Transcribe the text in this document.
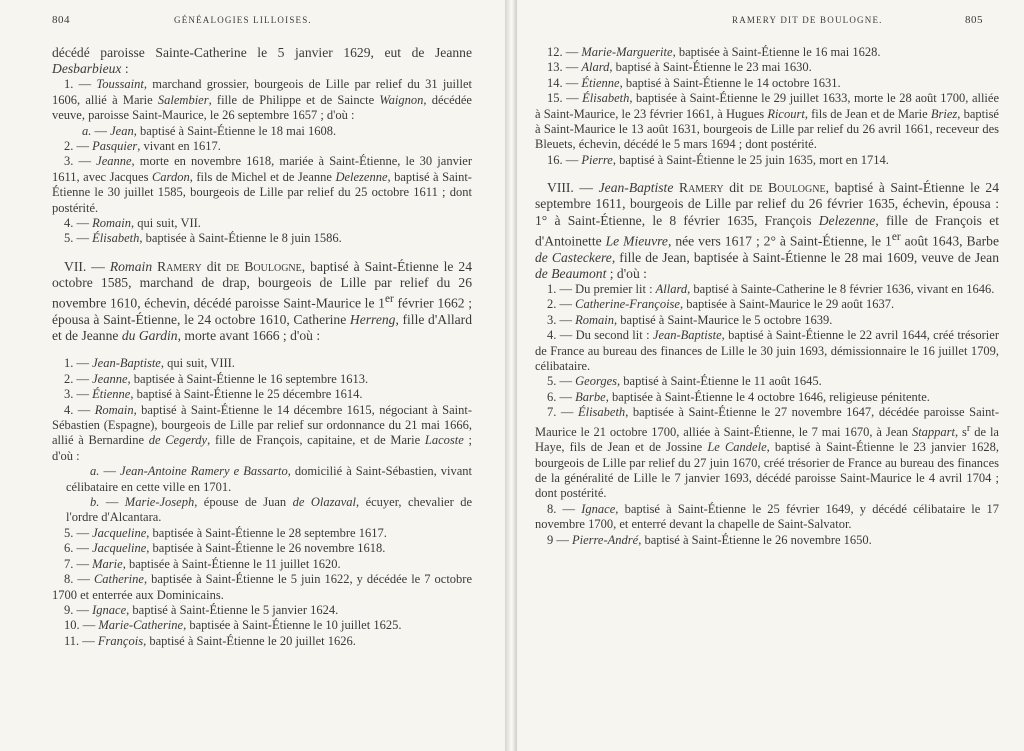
804	GÉNÉALOGIES LILLOISES.

décédé paroisse Sainte-Catherine le 5 janvier 1629, eut de Jeanne Desbarbieux :

1. — Toussaint, marchand grossier, bourgeois de Lille par relief du 31 juillet 1606, allié à Marie Salembier, fille de Philippe et de Saincte Waignon, décédée veuve, paroisse Saint-Maurice, le 26 septembre 1657 ; d'où :

a. — Jean, baptisé à Saint-Étienne le 18 mai 1608.

2. — Pasquier, vivant en 1617.

3. — Jeanne, morte en novembre 1618, mariée à Saint-Étienne, le 30 janvier 1611, avec Jacques Cardon, fils de Michel et de Jeanne Delezenne, baptisé à Saint-Étienne le 30 juillet 1585, bourgeois de Lille par relief du 25 octobre 1611 ; dont postérité.

4. — Romain, qui suit, VII.

5. — Élisabeth, baptisée à Saint-Étienne le 8 juin 1586.

VII. — Romain Ramery dit de Boulogne, baptisé à Saint-Étienne le 24 octobre 1585, marchand de drap, bourgeois de Lille par relief du 26 novembre 1610, échevin, décédé paroisse Saint-Maurice le 1er février 1662 ; épousa à Saint-Étienne, le 24 octobre 1610, Catherine Herreng, fille d'Allard et de Jeanne du Gardin, morte avant 1666 ; d'où :

1. — Jean-Baptiste, qui suit, VIII.

2. — Jeanne, baptisée à Saint-Étienne le 16 septembre 1613.

3. — Étienne, baptisé à Saint-Étienne le 25 décembre 1614.

4. — Romain, baptisé à Saint-Étienne le 14 décembre 1615, négociant à Saint-Sébastien (Espagne), bourgeois de Lille par relief sur ordonnance du 21 mai 1666, allié à Bernardine de Cegerdy, fille de François, capitaine, et de Marie Lacoste ; d'où :

a. — Jean-Antoine Ramery e Bassarto, domicilié à Saint-Sébastien, vivant célibataire en cette ville en 1701.

b. — Marie-Joseph, épouse de Juan de Olazaval, écuyer, chevalier de l'ordre d'Alcantara.

5. — Jacqueline, baptisée à Saint-Étienne le 28 septembre 1617.

6. — Jacqueline, baptisée à Saint-Étienne le 26 novembre 1618.

7. — Marie, baptisée à Saint-Étienne le 11 juillet 1620.

8. — Catherine, baptisée à Saint-Étienne le 5 juin 1622, y décédée le 7 octobre 1700 et enterrée aux Dominicains.

9. — Ignace, baptisé à Saint-Étienne le 5 janvier 1624.

10. — Marie-Catherine, baptisée à Saint-Étienne le 10 juillet 1625.

11. — François, baptisé à Saint-Étienne le 20 juillet 1626.

RAMERY DIT DE BOULOGNE.	805

12. — Marie-Marguerite, baptisée à Saint-Étienne le 16 mai 1628.

13. — Alard, baptisé à Saint-Étienne le 23 mai 1630.

14. — Étienne, baptisé à Saint-Étienne le 14 octobre 1631.

15. — Élisabeth, baptisée à Saint-Étienne le 29 juillet 1633, morte le 28 août 1700, alliée à Saint-Maurice, le 23 février 1661, à Hugues Ricourt, fils de Jean et de Marie Briez, baptisé à Saint-Maurice le 13 août 1631, bourgeois de Lille par relief du 26 avril 1661, receveur des Bleuets, échevin, décédé le 5 mars 1694 ; dont postérité.

16. — Pierre, baptisé à Saint-Étienne le 25 juin 1635, mort en 1714.

VIII. — Jean-Baptiste Ramery dit de Boulogne, baptisé à Saint-Étienne le 24 septembre 1611, bourgeois de Lille par relief du 26 février 1635, échevin, épousa : 1° à Saint-Étienne, le 8 février 1635, François Delezenne, fille de François et d'Antoinette Le Mieuvre, née vers 1617 ; 2° à Saint-Étienne, le 1er août 1643, Barbe de Casteckere, fille de Jean, baptisée à Saint-Étienne le 28 mai 1609, veuve de Jean de Beaumont ; d'où :

1. — Du premier lit : Allard, baptisé à Sainte-Catherine le 8 février 1636, vivant en 1646.

2. — Catherine-Françoise, baptisée à Saint-Maurice le 29 août 1637.

3. — Romain, baptisé à Saint-Maurice le 5 octobre 1639.

4. — Du second lit : Jean-Baptiste, baptisé à Saint-Étienne le 22 avril 1644, créé trésorier de France au bureau des finances de Lille le 30 juin 1693, démissionnaire le 16 juillet 1709, célibataire.

5. — Georges, baptisé à Saint-Étienne le 11 août 1645.

6. — Barbe, baptisée à Saint-Étienne le 4 octobre 1646, religieuse pénitente.

7. — Élisabeth, baptisée à Saint-Étienne le 27 novembre 1647, décédée paroisse Saint-Maurice le 21 octobre 1700, alliée à Saint-Étienne, le 7 mai 1670, à Jean Stappart, $s^r$ de la Haye, fils de Jean et de Jossine Le Candele, baptisé à Saint-Étienne le 23 janvier 1628, bourgeois de Lille par relief du 27 juin 1670, créé trésorier de France au bureau des finances de la généralité de Lille le 7 janvier 1693, décédé paroisse Saint-Maurice le 4 avril 1704 ; dont postérité.

8. — Ignace, baptisé à Saint-Étienne le 25 février 1649, y décédé célibataire le 17 novembre 1700, et enterré devant la chapelle de Saint-Salvator.

9 — Pierre-André, baptisé à Saint-Étienne le 26 novembre 1650.
